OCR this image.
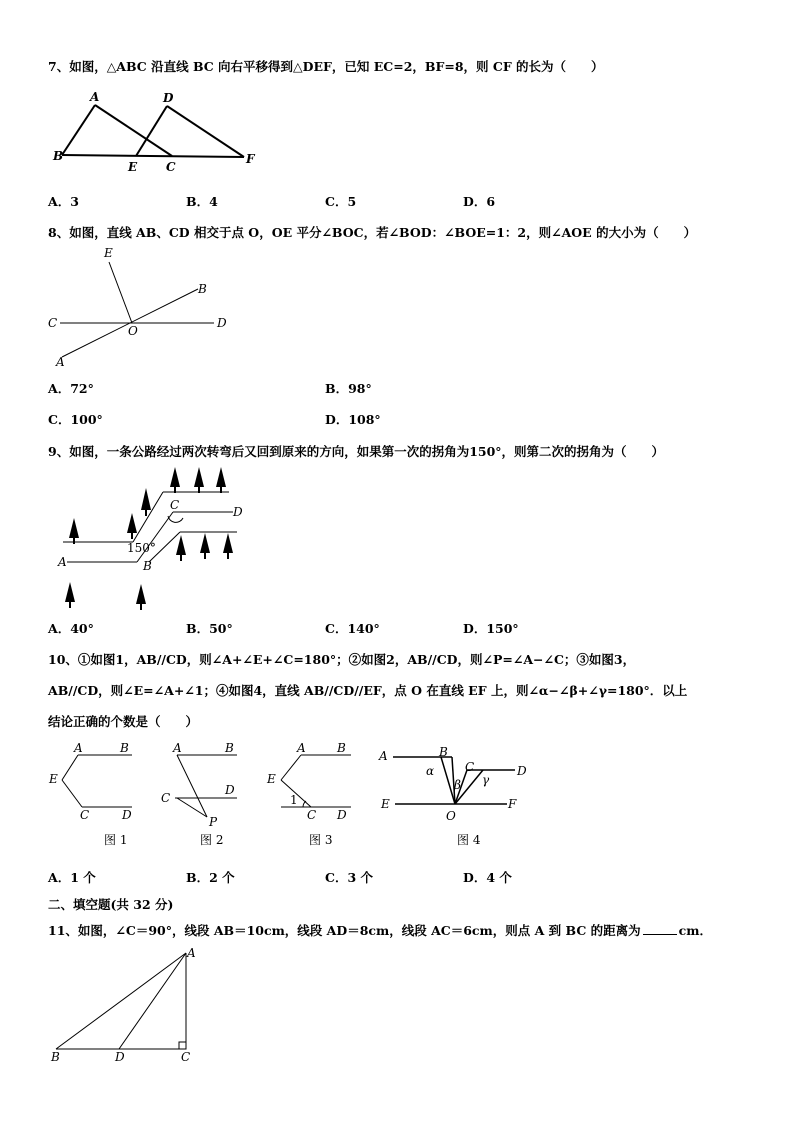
7、如图，△ABC 沿直线 BC 向右平移得到△DEF，已知 EC=2，BF=8，则 CF 的长为（　　）
A
B
C
D
E
F
A．3	B．4	C．5	D．6
8、如图，直线 AB、CD 相交于点 O，OE 平分∠BOC，若∠BOD：∠BOE=1：2，则∠AOE 的大小为（　　）
E
B
C	D
O
A
A．72°	B．98°
C．100°	D．108°
9、如图，一条公路经过两次转弯后又回到原来的方向，如果第一次的拐角为150°，则第二次的拐角为（　　）
C	D
A	B
150°
A．40°	B．50°	C．140°	D．150°
10、①如图1，AB//CD，则∠A+∠E+∠C=180°；②如图2，AB//CD，则∠P=∠A−∠C；③如图3，
AB//CD，则∠E=∠A+∠1；④如图4，直线 AB//CD//EF，点 O 在直线 EF 上，则∠α−∠β+∠γ=180°．以上
结论正确的个数是（　　）
A	B
E
C	D
图 1
A	B
D
C
P
图 2
A	B
E
1
C D
图 3
A	B
α	C
γ
β
D
E
O
F
图 4
A．1 个	B．2 个	C．3 个	D．4 个
二、填空题(共 32 分)
11、如图，∠C＝90°，线段 AB＝10cm，线段 AD＝8cm，线段 AC＝6cm，则点 A 到 BC 的距离为	cm．
A
B	D	C
